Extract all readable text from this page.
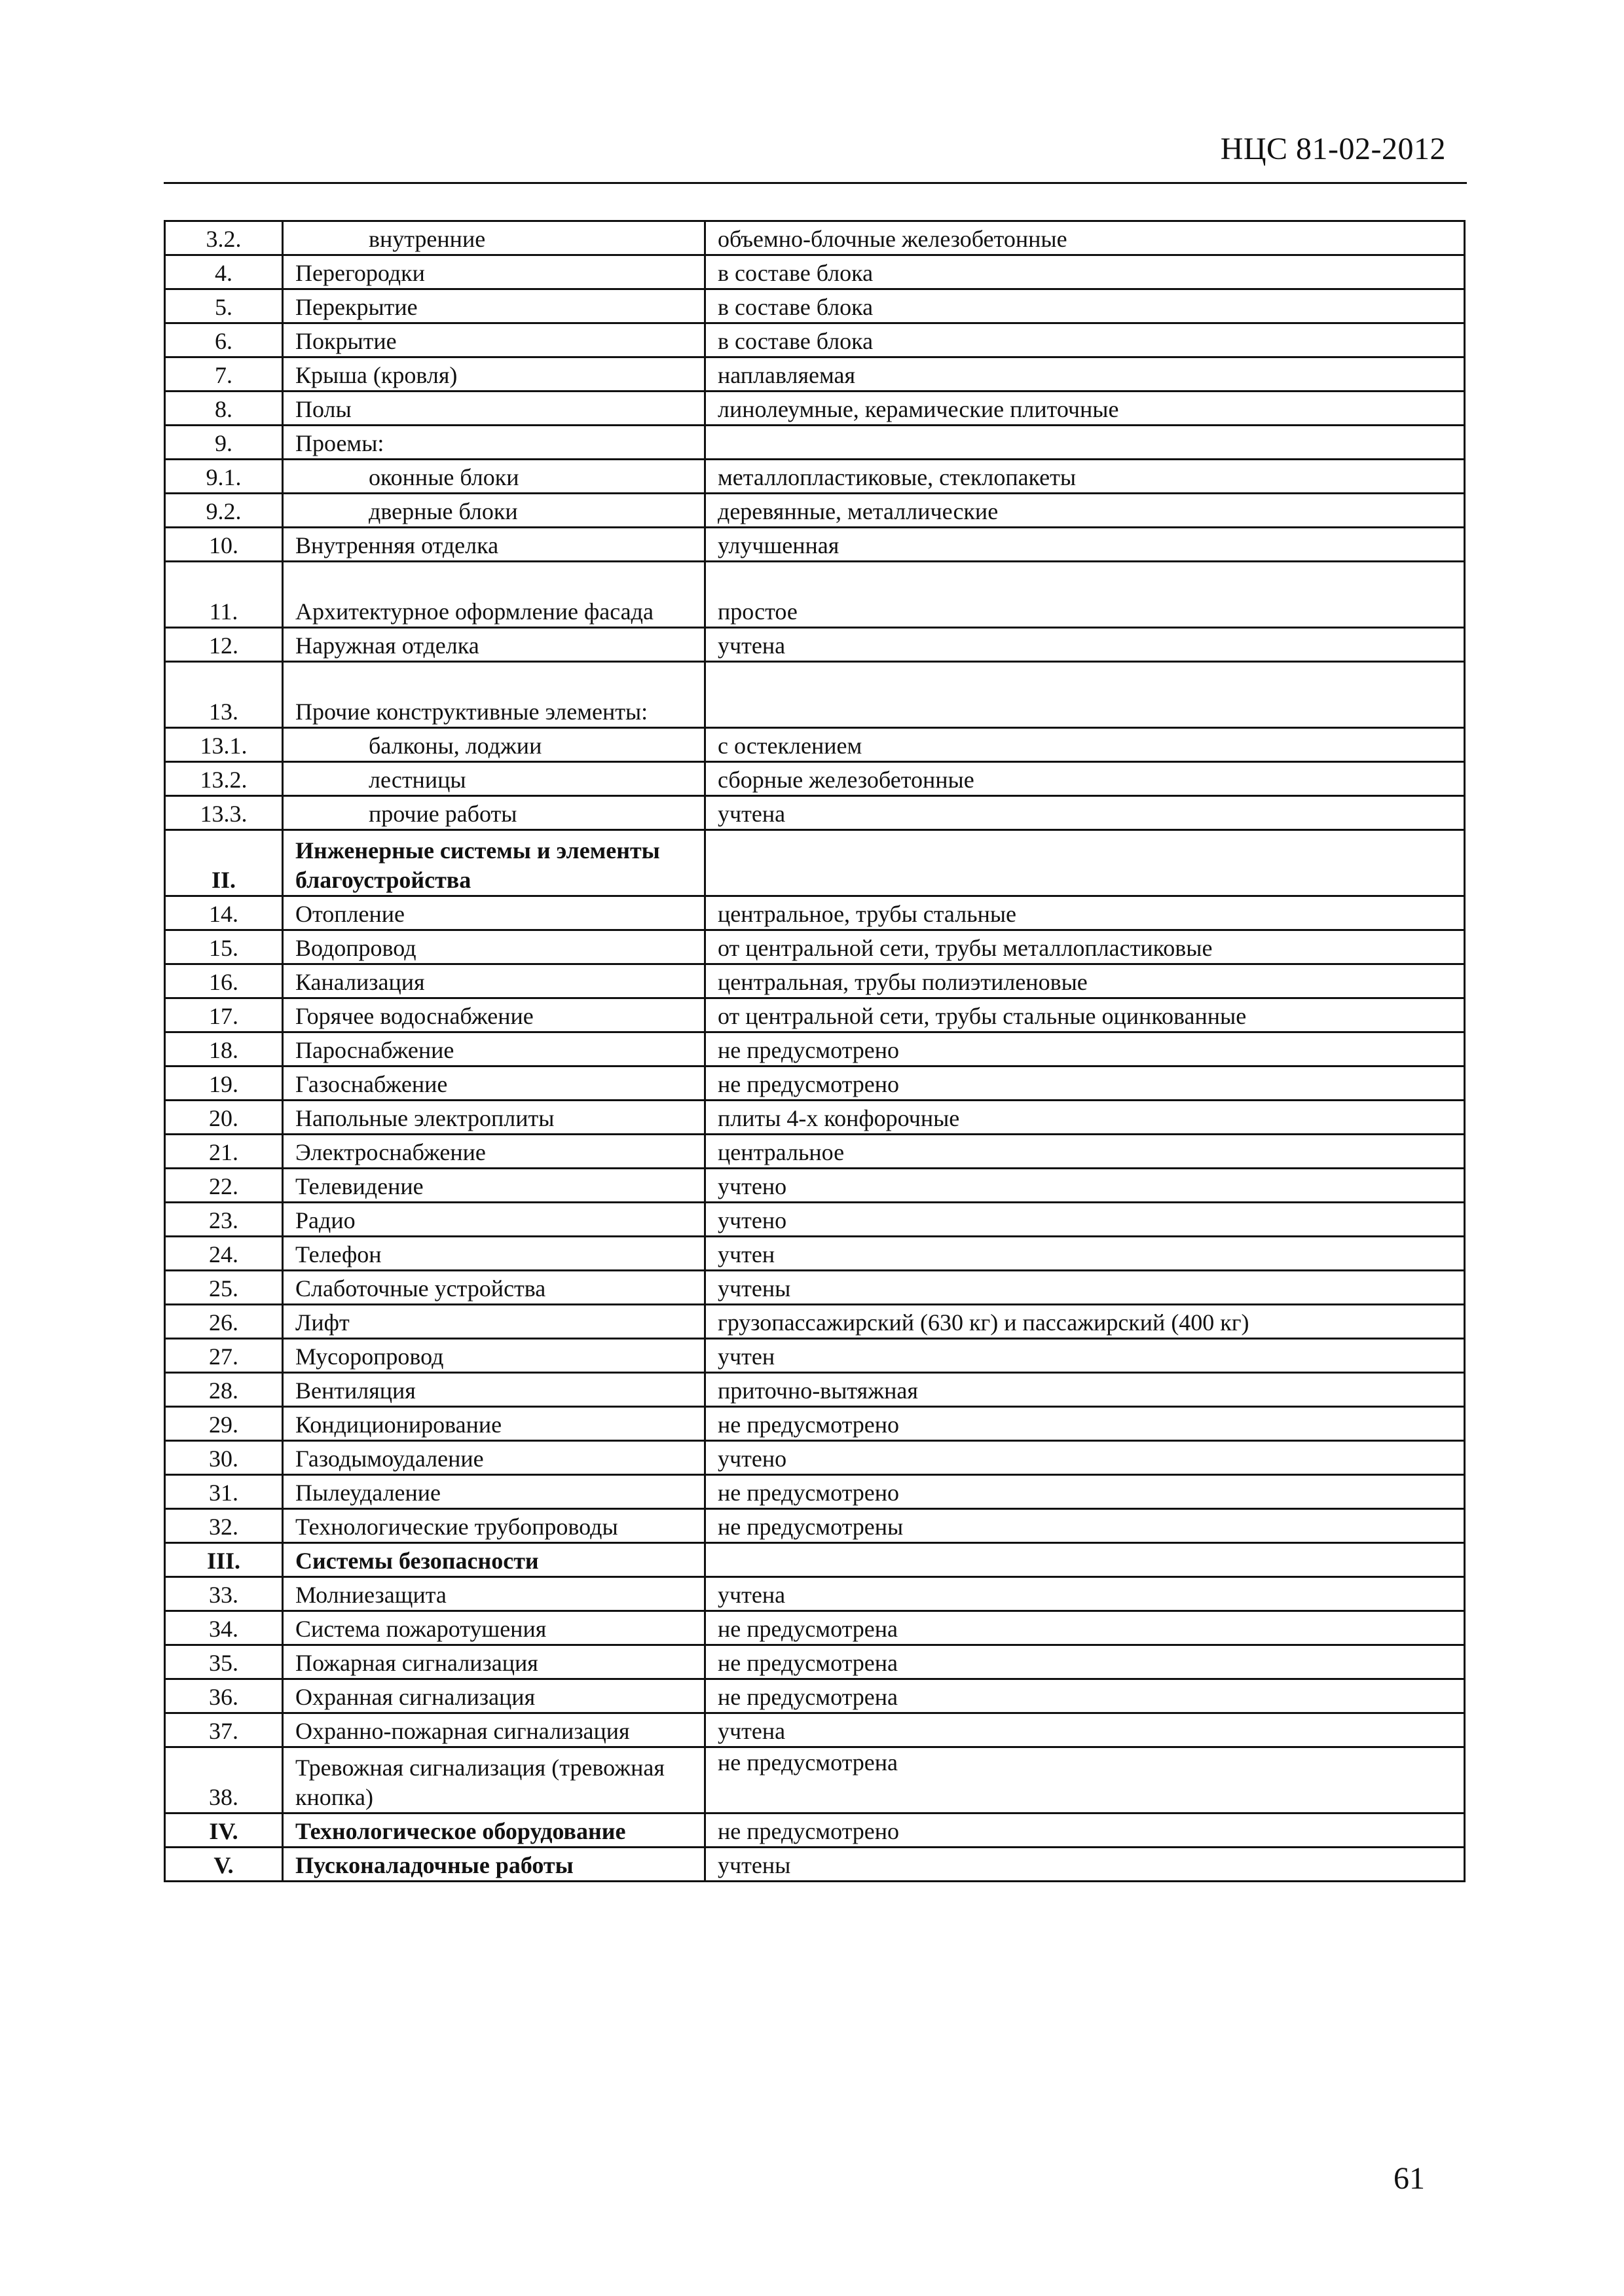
НЦС 81-02-2012
3.2.	внутренние	объемно-блочные железобетонные
4.	Перегородки	в составе блока
5.	Перекрытие	в составе блока
6.	Покрытие	в составе блока
7.	Крыша (кровля)	наплавляемая
8.	Полы	линолеумные, керамические плиточные
9.	Проемы:	
9.1.	оконные блоки	металлопластиковые, стеклопакеты
9.2.	дверные блоки	деревянные, металлические
10.	Внутренняя отделка	улучшенная
11.	Архитектурное оформление фасада	простое
12.	Наружная отделка	учтена
13.	Прочие конструктивные элементы:	
13.1.	балконы, лоджии	с остеклением
13.2.	лестницы	сборные железобетонные
13.3.	прочие работы	учтена
II.	Инженерные системы и элементы благоустройства	
14.	Отопление	центральное, трубы стальные
15.	Водопровод	от центральной сети, трубы металлопластиковые
16.	Канализация	центральная, трубы полиэтиленовые
17.	Горячее водоснабжение	от центральной сети, трубы стальные оцинкованные
18.	Пароснабжение	не предусмотрено
19.	Газоснабжение	не предусмотрено
20.	Напольные электроплиты	плиты 4-х конфорочные
21.	Электроснабжение	центральное
22.	Телевидение	учтено
23.	Радио	учтено
24.	Телефон	учтен
25.	Слаботочные устройства	учтены
26.	Лифт	грузопассажирский (630 кг) и пассажирский (400 кг)
27.	Мусоропровод	учтен
28.	Вентиляция	приточно-вытяжная
29.	Кондиционирование	не предусмотрено
30.	Газодымоудаление	учтено
31.	Пылеудаление	не предусмотрено
32.	Технологические трубопроводы	не предусмотрены
III.	Системы безопасности	
33.	Молниезащита	учтена
34.	Система пожаротушения	не предусмотрена
35.	Пожарная сигнализация	не предусмотрена
36.	Охранная сигнализация	не предусмотрена
37.	Охранно-пожарная сигнализация	учтена
38.	Тревожная сигнализация (тревожная кнопка)	не предусмотрена
IV.	Технологическое оборудование	не предусмотрено
V.	Пусконаладочные работы	учтены
61
